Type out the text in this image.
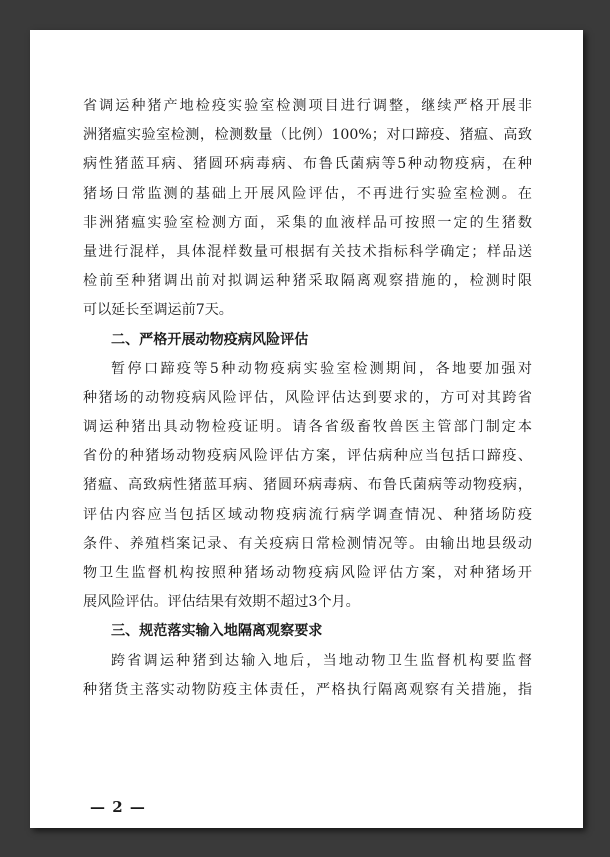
省调运种猪产地检疫实验室检测项目进行调整，继续严格开展非

洲猪瘟实验室检测，检测数量（比例）100%；对口蹄疫、猪瘟、高致

病性猪蓝耳病、猪圆环病毒病、布鲁氏菌病等5种动物疫病，在种

猪场日常监测的基础上开展风险评估，不再进行实验室检测。在

非洲猪瘟实验室检测方面，采集的血液样品可按照一定的生猪数

量进行混样，具体混样数量可根据有关技术指标科学确定；样品送

检前至种猪调出前对拟调运种猪采取隔离观察措施的，检测时限

可以延长至调运前7天。

二、严格开展动物疫病风险评估

暂停口蹄疫等5种动物疫病实验室检测期间，各地要加强对

种猪场的动物疫病风险评估，风险评估达到要求的，方可对其跨省

调运种猪出具动物检疫证明。请各省级畜牧兽医主管部门制定本

省份的种猪场动物疫病风险评估方案，评估病种应当包括口蹄疫、

猪瘟、高致病性猪蓝耳病、猪圆环病毒病、布鲁氏菌病等动物疫病，

评估内容应当包括区域动物疫病流行病学调查情况、种猪场防疫

条件、养殖档案记录、有关疫病日常检测情况等。由输出地县级动

物卫生监督机构按照种猪场动物疫病风险评估方案，对种猪场开

展风险评估。评估结果有效期不超过3个月。

三、规范落实输入地隔离观察要求

跨省调运种猪到达输入地后，当地动物卫生监督机构要监督

种猪货主落实动物防疫主体责任，严格执行隔离观察有关措施，指

— 2 —
